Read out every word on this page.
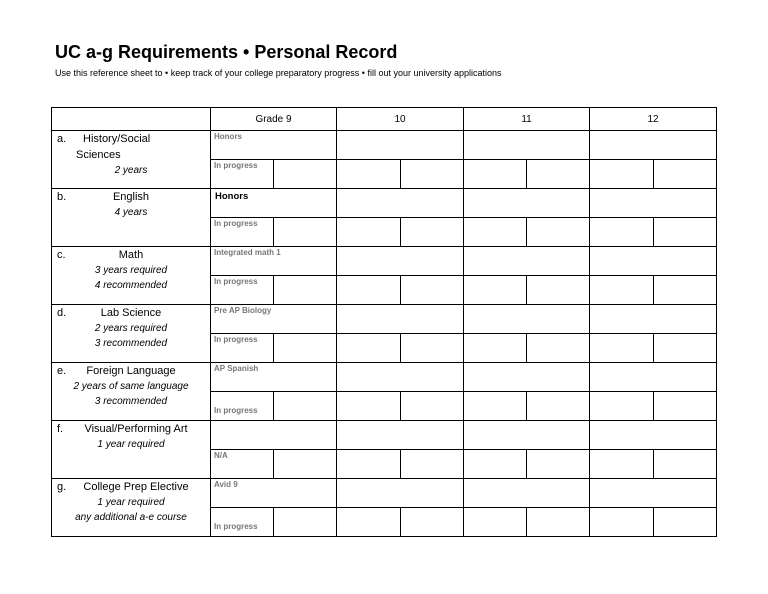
UC a-g Requirements • Personal Record
Use this reference sheet to • keep track of your college preparatory progress • fill out your university applications
	Grade 9		10		11		12	

a. History/Social
Sciences
2 years	Honors							

	In progress							

b. English
4 years	Honors							

	In progress							

c. Math
3 years required
4 recommended	Integrated math 1							

	In progress							

d. Lab Science
2 years required
3 recommended	Pre AP Biology							

	In progress							

e. Foreign Language
2 years of same language
3 recommended	AP Spanish							

	In progress							

f. Visual/Performing Art
1 year required								

	N/A							

g. College Prep Elective
1 year required
any additional a-e course	Avid 9							

	In progress							
